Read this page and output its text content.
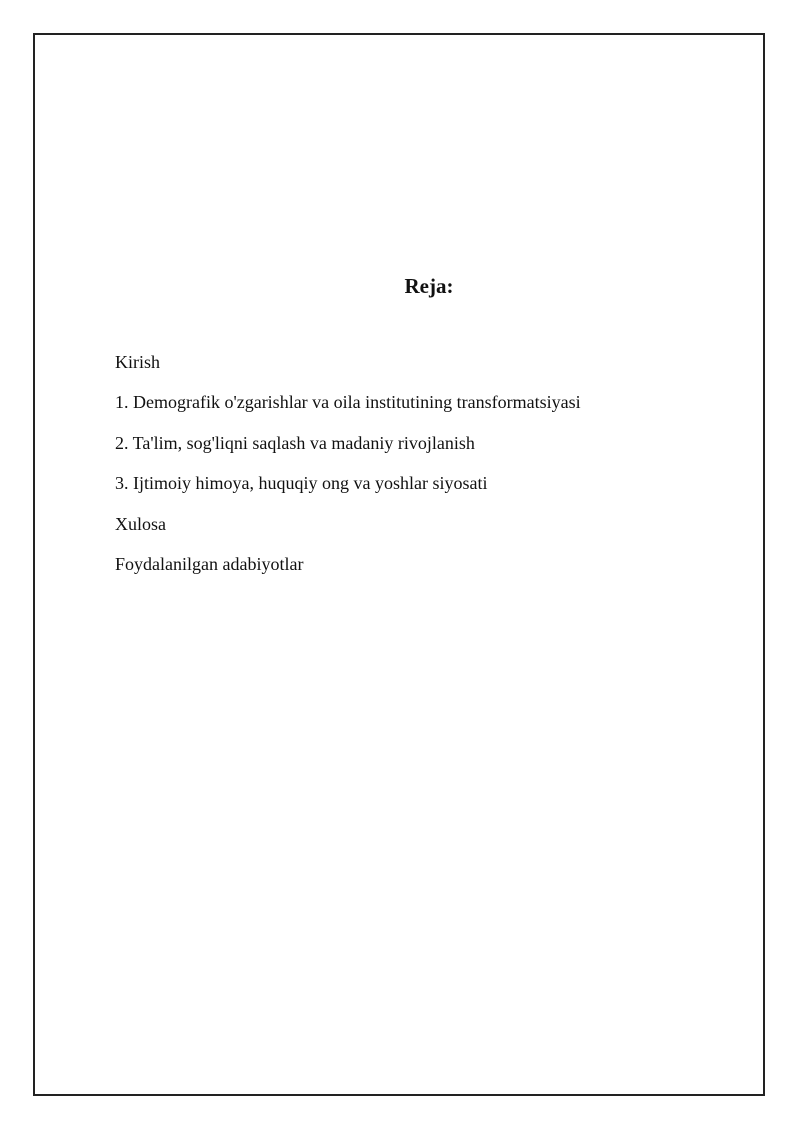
Reja:
Kirish
1. Demografik o'zgarishlar va oila institutining transformatsiyasi
2. Ta'lim, sog'liqni saqlash va madaniy rivojlanish
3. Ijtimoiy himoya, huquqiy ong va yoshlar siyosati
Xulosa
Foydalanilgan adabiyotlar
